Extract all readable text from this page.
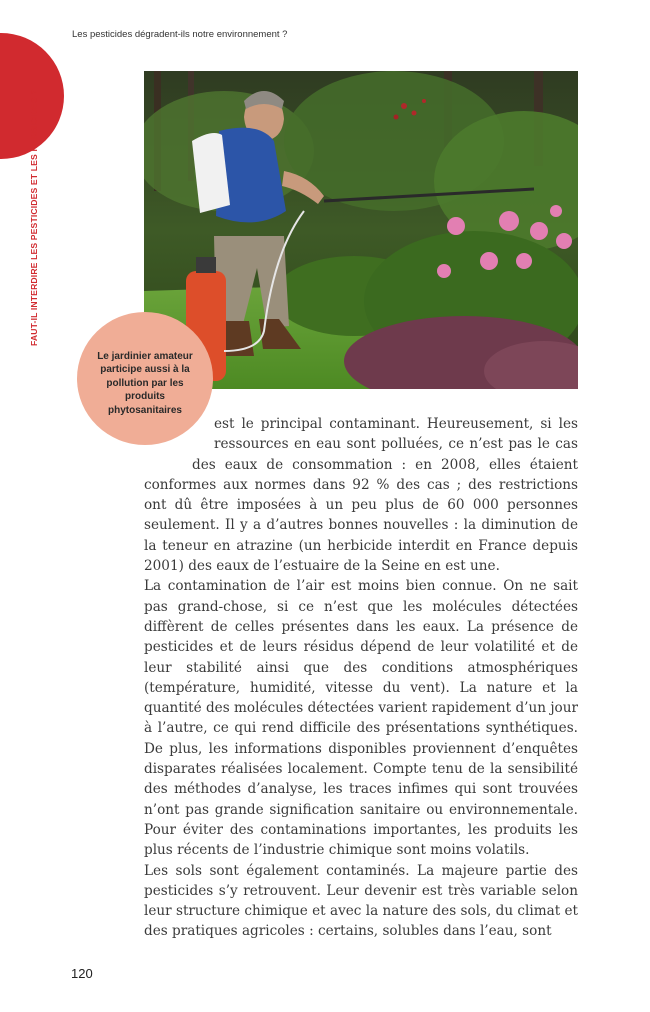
Les pesticides dégradent-ils notre environnement ?
FAUT-IL INTERDIRE LES PESTICIDES ET LES HERBICIDES ?
Le jardinier amateur participe aussi à la pollution par les produits phytosanitaires

est le principal contaminant. Heureusement, si les ressources en eau sont polluées, ce n’est pas le cas des eaux de consommation : en 2008, elles étaient conformes aux normes dans 92 % des cas ; des restrictions ont dû être imposées à un peu plus de 60 000 personnes seulement. Il y a d’autres bonnes nouvelles : la diminution de la teneur en atrazine (un herbicide interdit en France depuis 2001) des eaux de l’estuaire de la Seine en est une.

La contamination de l’air est moins bien connue. On ne sait pas grand-chose, si ce n’est que les molécules détectées diffèrent de celles présentes dans les eaux. La présence de pesticides et de leurs résidus dépend de leur volatilité et de leur stabilité ainsi que des conditions atmosphériques (température, humidité, vitesse du vent). La nature et la quantité des molécules détectées varient rapidement d’un jour à l’autre, ce qui rend difficile des présentations synthétiques. De plus, les informations disponibles proviennent d’enquêtes disparates réalisées localement. Compte tenu de la sensibilité des méthodes d’analyse, les traces infimes qui sont trouvées n’ont pas grande signification sanitaire ou environnementale. Pour éviter des contaminations importantes, les produits les plus récents de l’industrie chimique sont moins volatils.

Les sols sont également contaminés. La majeure partie des pesticides s’y retrouvent. Leur devenir est très variable selon leur structure chimique et avec la nature des sols, du climat et des pratiques agricoles : certains, solubles dans l’eau, sont

120
